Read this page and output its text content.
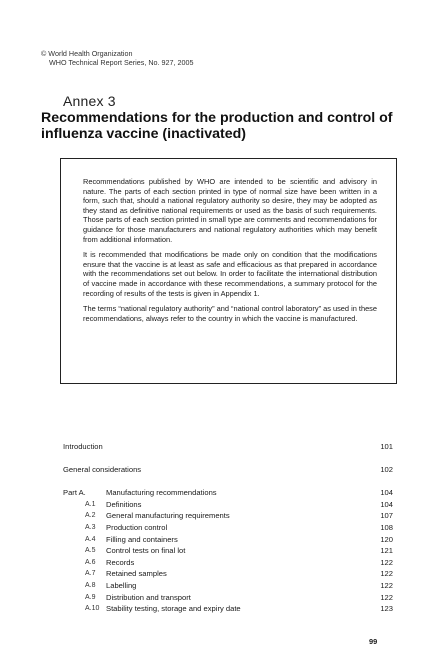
© World Health Organization
WHO Technical Report Series, No. 927, 2005
Annex 3
Recommendations for the production and control of influenza vaccine (inactivated)

Recommendations published by WHO are intended to be scientific and advisory in nature. The parts of each section printed in type of normal size have been written in a form, such that, should a national regulatory authority so desire, they may be adopted as they stand as definitive national requirements or used as the basis of such requirements. Those parts of each section printed in small type are comments and recommendations for guidance for those manufacturers and national regulatory authorities which may benefit from additional information.

It is recommended that modifications be made only on condition that the modifications ensure that the vaccine is at least as safe and efficacious as that prepared in accordance with the recommendations set out below. In order to facilitate the international distribution of vaccine made in accordance with these recommendations, a summary protocol for the recording of results of the tests is given in Appendix 1.

The terms “national regulatory authority” and “national control laboratory” as used in these recommendations, always refer to the country in which the vaccine is manufactured.

Introduction	101
General considerations	102
Part A.	Manufacturing recommendations	104
A.1 Definitions	104
A.2 General manufacturing requirements	107
A.3 Production control	108
A.4 Filling and containers	120
A.5 Control tests on final lot	121
A.6 Records	122
A.7 Retained samples	122
A.8 Labelling	122
A.9 Distribution and transport	122
A.10 Stability testing, storage and expiry date	123
99
